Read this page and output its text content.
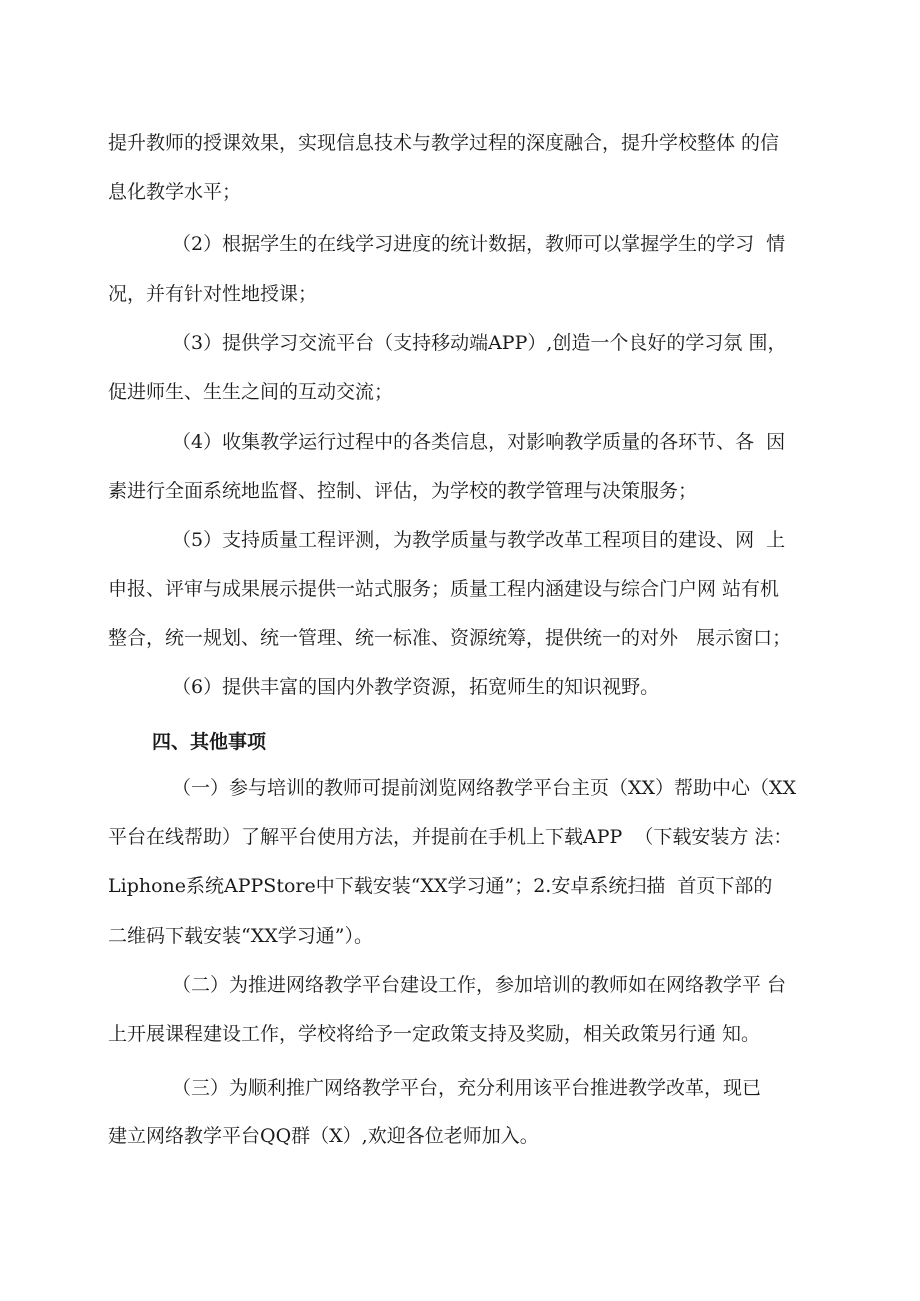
提升教师的授课效果，实现信息技术与教学过程的深度融合，提升学校整体 的信
息化教学水平；
（2）根据学生的在线学习进度的统计数据，教师可以掌握学生的学习  情
况，并有针对性地授课；
（3）提供学习交流平台（支持移动端APP）,创造一个良好的学习氛 围，
促进师生、生生之间的互动交流；
（4）收集教学运行过程中的各类信息，对影响教学质量的各环节、各  因
素进行全面系统地监督、控制、评估，为学校的教学管理与决策服务；
（5）支持质量工程评测，为教学质量与教学改革工程项目的建设、网  上
申报、评审与成果展示提供一站式服务；质量工程内涵建设与综合门户网 站有机
整合，统一规划、统一管理、统一标准、资源统筹，提供统一的对外   展示窗口；
（6）提供丰富的国内外教学资源，拓宽师生的知识视野。
四、其他事项
（一）参与培训的教师可提前浏览网络教学平台主页（XX）帮助中心（XX
平台在线帮助）了解平台使用方法，并提前在手机上下载APP  （下载安装方 法：
Liphone系统APPStore中下载安装“XX学习通”；2.安卓系统扫描  首页下部的
二维码下载安装“XX学习通”）。
（二）为推进网络教学平台建设工作，参加培训的教师如在网络教学平 台
上开展课程建设工作，学校将给予一定政策支持及奖励，相关政策另行通 知。
（三）为顺利推广网络教学平台，充分利用该平台推进教学改革，现已
建立网络教学平台QQ群（X）,欢迎各位老师加入。
